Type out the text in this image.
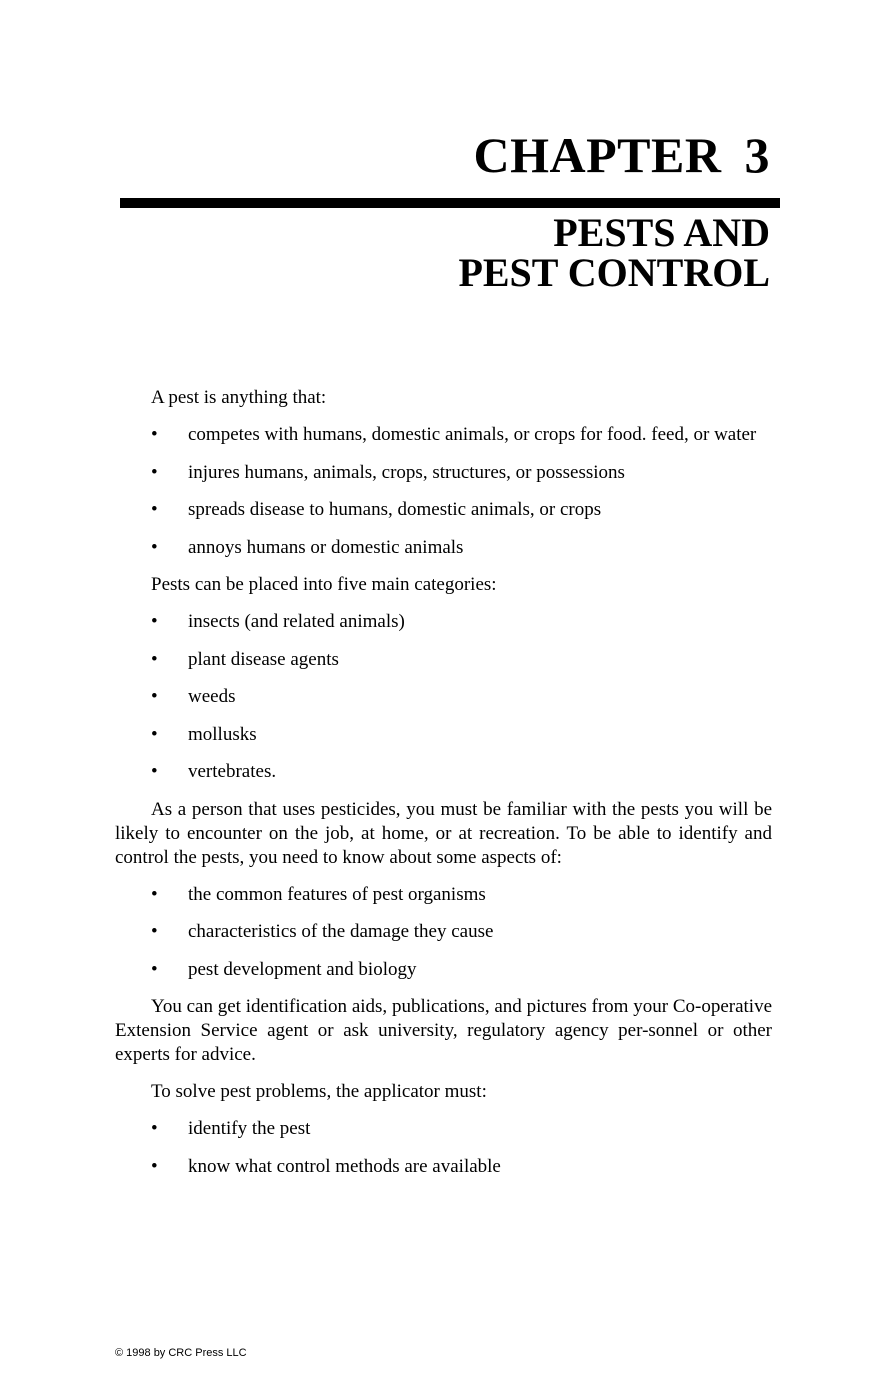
CHAPTER 3
PESTS AND
PEST CONTROL

A pest is anything that:

• competes with humans, domestic animals, or crops for food. feed, or water
• injures humans, animals, crops, structures, or possessions
• spreads disease to humans, domestic animals, or crops
• annoys humans or domestic animals

Pests can be placed into five main categories:

• insects (and related animals)
• plant disease agents
• weeds
• mollusks
• vertebrates.

As a person that uses pesticides, you must be familiar with the pests you will be likely to encounter on the job, at home, or at recreation. To be able to identify and control the pests, you need to know about some aspects of:

• the common features of pest organisms
• characteristics of the damage they cause
• pest development and biology

You can get identification aids, publications, and pictures from your Co-operative Extension Service agent or ask university, regulatory agency per-sonnel or other experts for advice.

To solve pest problems, the applicator must:

• identify the pest
• know what control methods are available
© 1998 by CRC Press LLC
